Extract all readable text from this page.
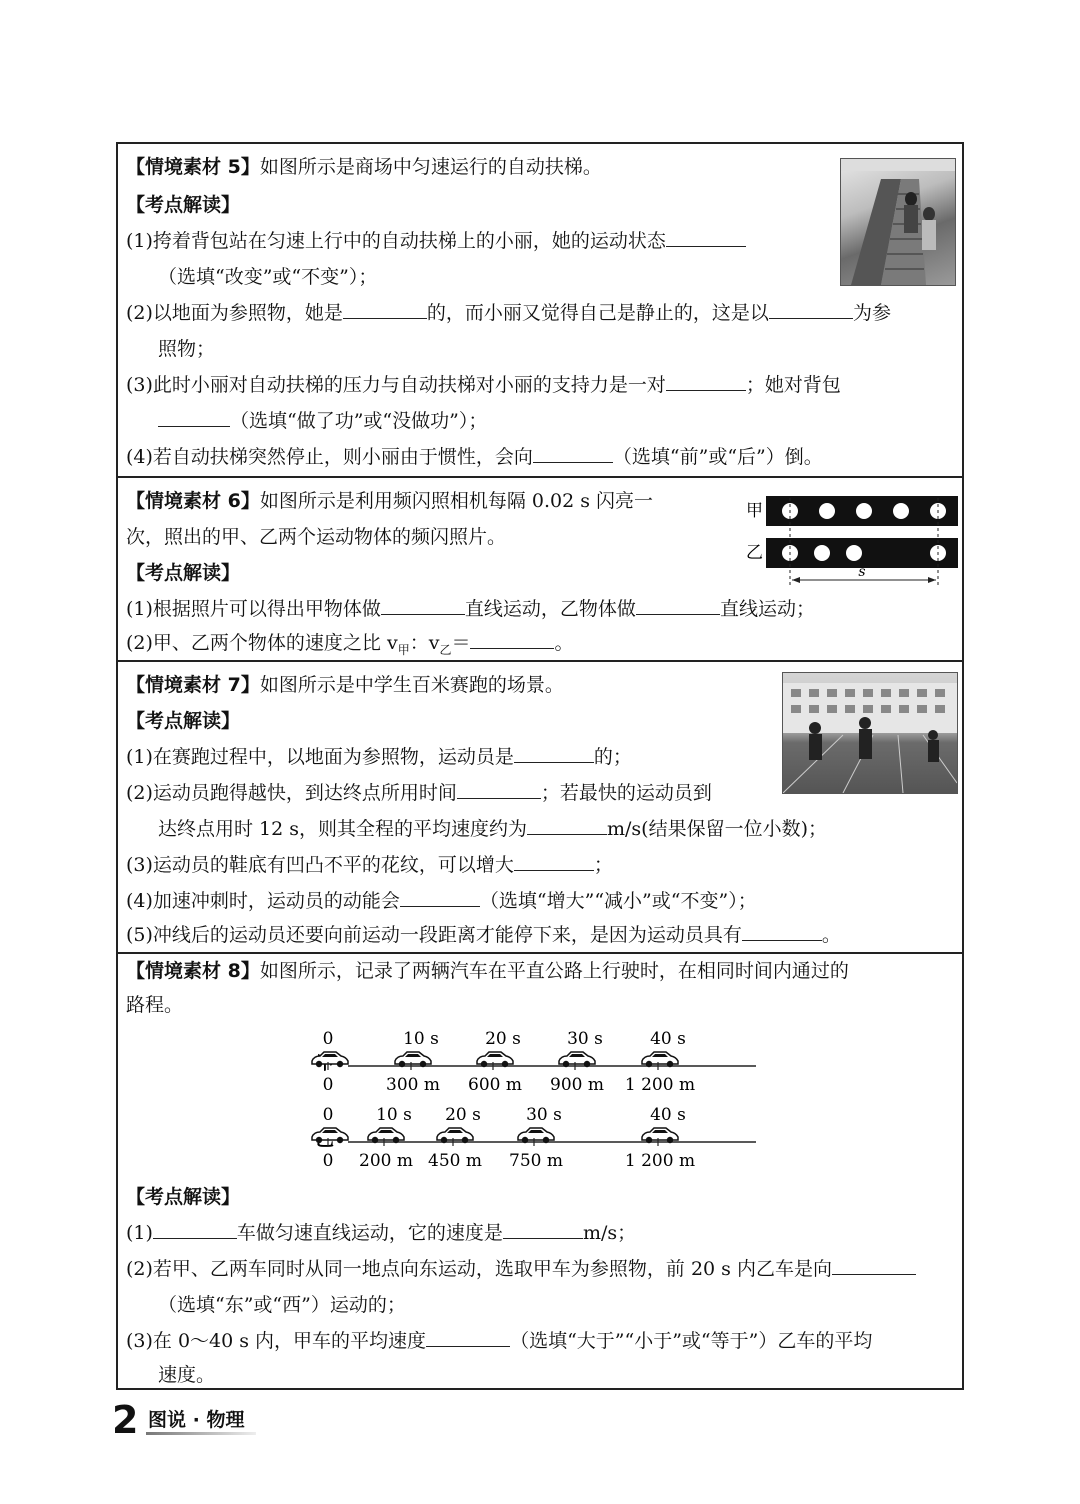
【情境素材 5】如图所示是商场中匀速运行的自动扶梯。
【考点解读】
(1)挎着背包站在匀速上行中的自动扶梯上的小丽，她的运动状态
（选填“改变”或“不变”）；
(2)以地面为参照物，她是	的，而小丽又觉得自己是静止的，这是以	为参
照物；
(3)此时小丽对自动扶梯的压力与自动扶梯对小丽的支持力是一对	；她对背包
（选填“做了功”或“没做功”）；
(4)若自动扶梯突然停止，则小丽由于惯性，会向	（选填“前”或“后”）倒。
【情境素材 6】如图所示是利用频闪照相机每隔 0.02 s 闪亮一
次，照出的甲、乙两个运动物体的频闪照片。
【考点解读】
(1)根据照片可以得出甲物体做	直线运动，乙物体做	直线运动；
(2)甲、乙两个物体的速度之比 $v_甲$：$v_乙=$	。
甲
乙
s
【情境素材 7】如图所示是中学生百米赛跑的场景。
【考点解读】
(1)在赛跑过程中，以地面为参照物，运动员是	的；
(2)运动员跑得越快，到达终点所用时间	；若最快的运动员到
达终点用时 12 s，则其全程的平均速度约为	m/s(结果保留一位小数)；
(3)运动员的鞋底有凹凸不平的花纹，可以增大	；
(4)加速冲刺时，运动员的动能会	（选填“增大”“减小”或“不变”）；
(5)冲线后的运动员还要向前运动一段距离才能停下来，是因为运动员具有	。
【情境素材 8】如图所示，记录了两辆汽车在平直公路上行驶时，在相同时间内通过的
路程。
0	10 s	20 s	30 s	40 s
0	300 m 600 m 900 m 1 200 m
0	10 s 20 s	30 s	40 s
0 200 m 450 m 750 m	1 200 m
【考点解读】
(1)	车做匀速直线运动，它的速度是	m/s；
(2)若甲、乙两车同时从同一地点向东运动，选取甲车为参照物，前 20 s 内乙车是向
（选填“东”或“西”）运动的；
(3)在 0～40 s 内，甲车的平均速度	（选填“大于”“小于”或“等于”）乙车的平均
速度。
2 图说 · 物理
